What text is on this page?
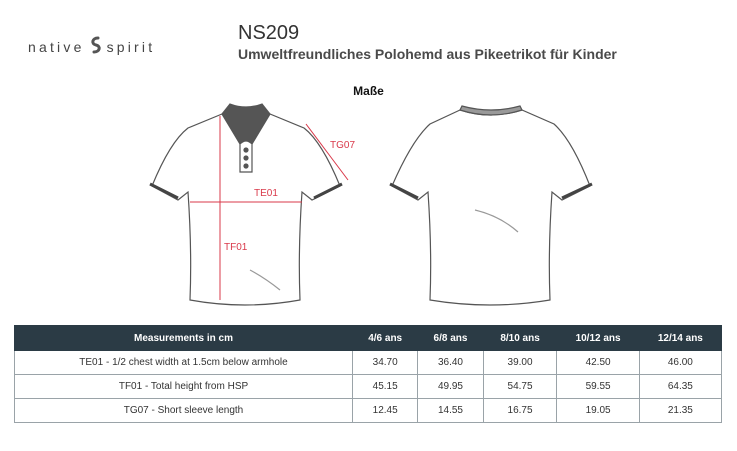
native spirit
NS209
Umweltfreundliches Polohemd aus Pikeetrikot für Kinder
Maße
TE01
TF01
TG07
Measurements in cm	4/6 ans	6/8 ans	8/10 ans	10/12 ans	12/14 ans
TE01 - 1/2 chest width at 1.5cm below armhole	34.70	36.40	39.00	42.50	46.00
TF01 - Total height from HSP	45.15	49.95	54.75	59.55	64.35
TG07 - Short sleeve length	12.45	14.55	16.75	19.05	21.35
